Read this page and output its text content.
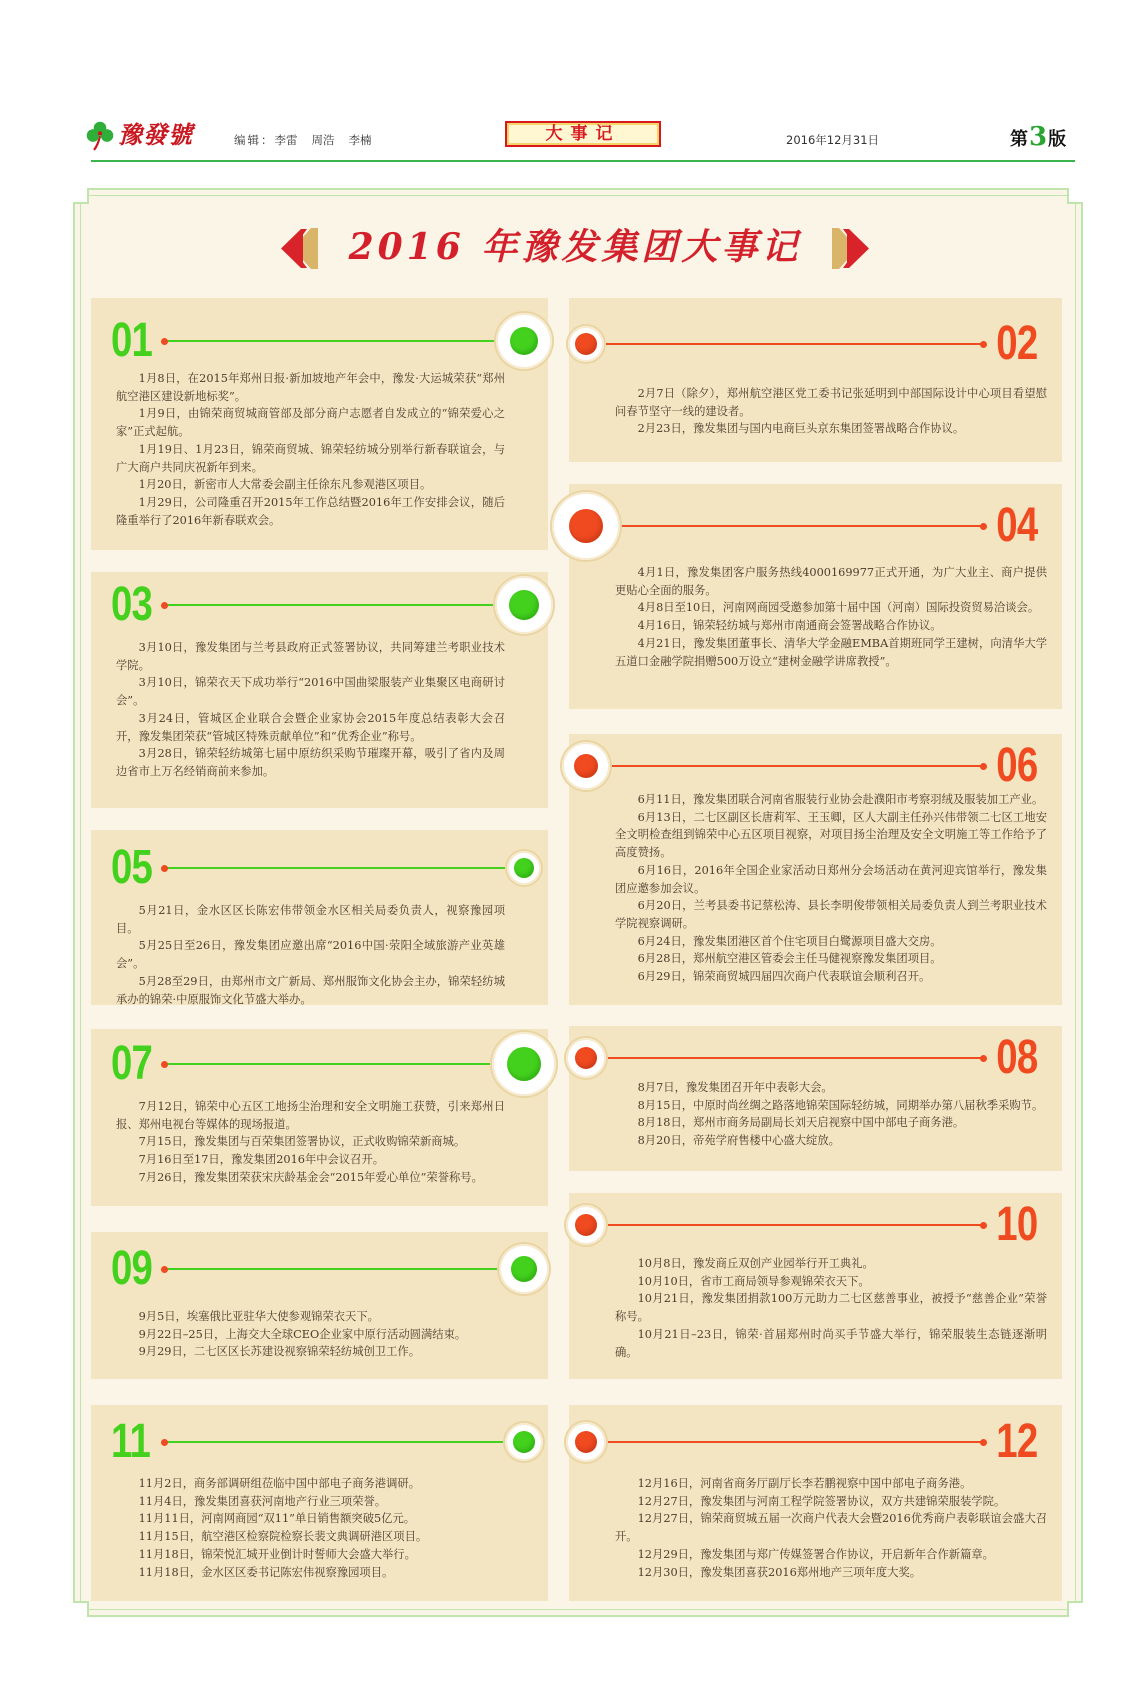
豫發號	编辑：李雷 周浩 李楠	大事记	2016年12月31日	第3版
2016 年豫发集团大事记
01

1月8日，在2015年郑州日报·新加坡地产年会中，豫发·大运城荣获“郑州航空港区建设新地标奖”。

1月9日，由锦荣商贸城商管部及部分商户志愿者自发成立的“锦荣爱心之家”正式起航。

1月19日、1月23日，锦荣商贸城、锦荣轻纺城分别举行新春联谊会，与广大商户共同庆祝新年到来。

1月20日，新密市人大常委会副主任徐东凡参观港区项目。

1月29日，公司隆重召开2015年工作总结暨2016年工作安排会议，随后隆重举行了2016年新春联欢会。

03

3月10日，豫发集团与兰考县政府正式签署协议，共同筹建兰考职业技术学院。

3月10日，锦荣衣天下成功举行“2016中国曲梁服装产业集聚区电商研讨会”。

3月24日，管城区企业联合会暨企业家协会2015年度总结表彰大会召开，豫发集团荣获“管城区特殊贡献单位”和“优秀企业”称号。

3月28日，锦荣轻纺城第七届中原纺织采购节璀璨开幕，吸引了省内及周边省市上万名经销商前来参加。

05

5月21日，金水区区长陈宏伟带领金水区相关局委负责人，视察豫园项目。

5月25日至26日，豫发集团应邀出席“2016中国·荥阳全域旅游产业英雄会”。

5月28至29日，由郑州市文广新局、郑州服饰文化协会主办，锦荣轻纺城承办的锦荣·中原服饰文化节盛大举办。

07

7月12日，锦荣中心五区工地扬尘治理和安全文明施工获赞，引来郑州日报、郑州电视台等媒体的现场报道。

7月15日，豫发集团与百荣集团签署协议，正式收购锦荣新商城。

7月16日至17日，豫发集团2016年中会议召开。

7月26日，豫发集团荣获宋庆龄基金会“2015年爱心单位”荣誉称号。

09

9月5日，埃塞俄比亚驻华大使参观锦荣衣天下。

9月22日–25日，上海交大全球CEO企业家中原行活动圆满结束。

9月29日，二七区区长苏建设视察锦荣轻纺城创卫工作。

11

11月2日，商务部调研组莅临中国中部电子商务港调研。

11月4日，豫发集团喜获河南地产行业三项荣誉。

11月11日，河南网商园“双11”单日销售额突破5亿元。

11月15日，航空港区检察院检察长裴文典调研港区项目。

11月18日，锦荣悦汇城开业倒计时誓师大会盛大举行。

11月18日，金水区区委书记陈宏伟视察豫园项目。

02

2月7日（除夕），郑州航空港区党工委书记张延明到中部国际设计中心项目看望慰问春节坚守一线的建设者。

2月23日，豫发集团与国内电商巨头京东集团签署战略合作协议。

04

4月1日，豫发集团客户服务热线4000169977正式开通，为广大业主、商户提供更贴心全面的服务。

4月8日至10日，河南网商园受邀参加第十届中国（河南）国际投资贸易洽谈会。

4月16日，锦荣轻纺城与郑州市南通商会签署战略合作协议。

4月21日，豫发集团董事长、清华大学金融EMBA首期班同学王建树，向清华大学五道口金融学院捐赠500万设立“建树金融学讲席教授”。

06

6月11日，豫发集团联合河南省服装行业协会赴濮阳市考察羽绒及服装加工产业。

6月13日，二七区副区长唐莉军、王玉卿，区人大副主任孙兴伟带领二七区工地安全文明检查组到锦荣中心五区项目视察，对项目扬尘治理及安全文明施工等工作给予了高度赞扬。

6月16日，2016年全国企业家活动日郑州分会场活动在黄河迎宾馆举行，豫发集团应邀参加会议。

6月20日，兰考县委书记蔡松涛、县长李明俊带领相关局委负责人到兰考职业技术学院视察调研。

6月24日，豫发集团港区首个住宅项目白鹭源项目盛大交房。

6月28日，郑州航空港区管委会主任马健视察豫发集团项目。

6月29日，锦荣商贸城四届四次商户代表联谊会顺利召开。

08

8月7日，豫发集团召开年中表彰大会。

8月15日，中原时尚丝绸之路落地锦荣国际轻纺城，同期举办第八届秋季采购节。

8月18日，郑州市商务局副局长刘天启视察中国中部电子商务港。

8月20日，帝苑学府售楼中心盛大绽放。

10

10月8日，豫发商丘双创产业园举行开工典礼。

10月10日，省市工商局领导参观锦荣衣天下。

10月21日，豫发集团捐款100万元助力二七区慈善事业，被授予“慈善企业”荣誉称号。

10月21日–23日，锦荣·首届郑州时尚买手节盛大举行，锦荣服装生态链逐渐明确。

12

12月16日，河南省商务厅副厅长李若鹏视察中国中部电子商务港。

12月27日，豫发集团与河南工程学院签署协议，双方共建锦荣服装学院。

12月27日，锦荣商贸城五届一次商户代表大会暨2016优秀商户表彰联谊会盛大召开。

12月29日，豫发集团与郑广传媒签署合作协议，开启新年合作新篇章。

12月30日，豫发集团喜获2016郑州地产三项年度大奖。
